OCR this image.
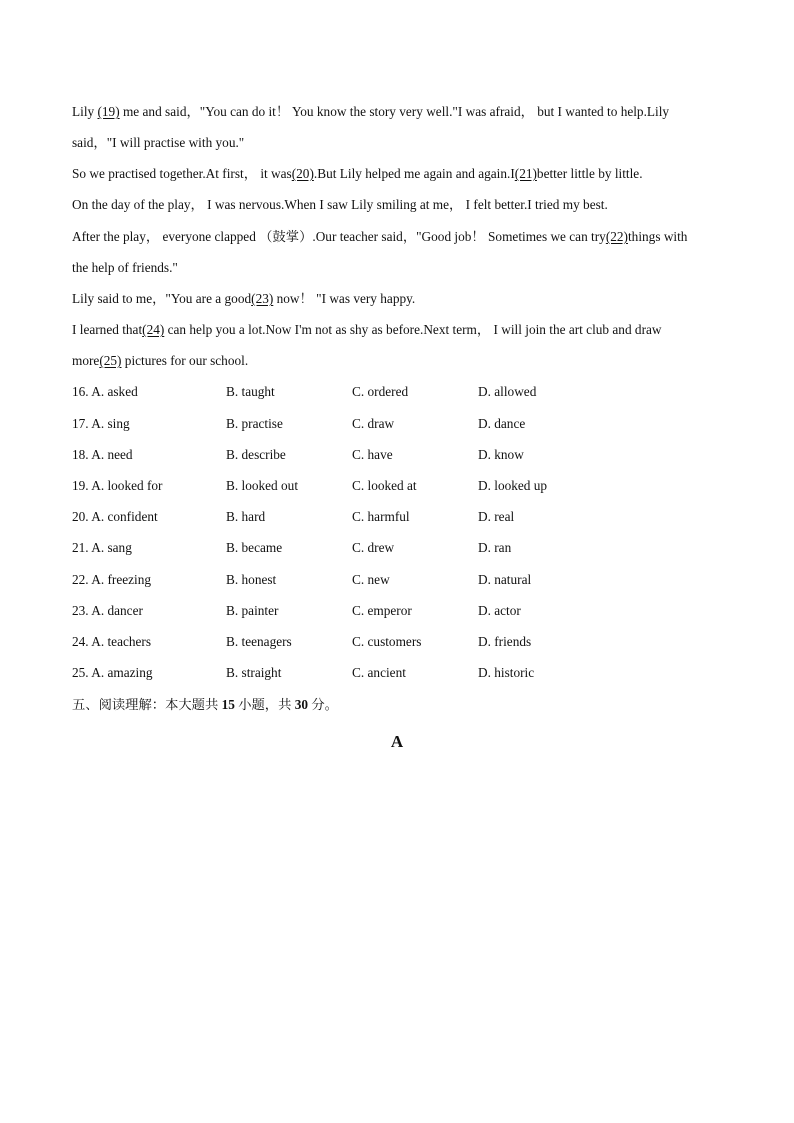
Lily (19) me and said，"You can do it！ You know the story very well."I was afraid， but I wanted to help.Lily
said，"I will practise with you."
So we practised together.At first， it was(20).But Lily helped me again and again.I(21)better little by little.
On the day of the play， I was nervous.When I saw Lily smiling at me， I felt better.I tried my best.
After the play， everyone clapped （鼓掌）.Our teacher said，"Good job！ Sometimes we can try(22)things with
the help of friends."
Lily said to me，"You are a good(23) now！ "I was very happy.
I learned that(24) can help you a lot.Now I'm not as shy as before.Next term， I will join the art club and draw
more(25) pictures for our school.
16. A. asked	B. taught	C. ordered	D. allowed
17. A. sing	B. practise	C. draw	D. dance
18. A. need	B. describe	C. have	D. know
19. A. looked for	B. looked out	C. looked at	D. looked up
20. A. confident	B. hard	C. harmful	D. real
21. A. sang	B. became	C. drew	D. ran
22. A. freezing	B. honest	C. new	D. natural
23. A. dancer	B. painter	C. emperor	D. actor
24. A. teachers	B. teenagers	C. customers	D. friends
25. A. amazing	B. straight	C. ancient	D. historic
五、阅读理解：本大题共 15 小题，共 30 分。
A
